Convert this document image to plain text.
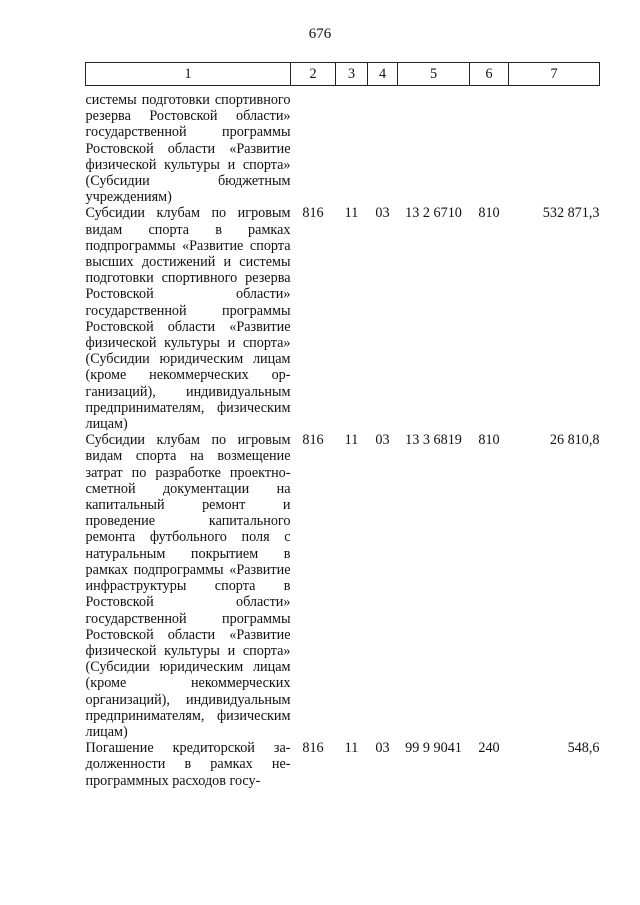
676
1	2	3	4	5	6	7
системы подготовки спортивного резерва Ростовской области» государственной программы Ростовской области «Развитие физической культуры и спорта» (Субсидии бюджетным учреждениям)						
Субсидии клубам по игровым видам спорта в рамках подпрограммы «Развитие спорта высших достижений и системы подготовки спортивного резерва Ростовской области» государственной программы Ростовской области «Развитие физической культуры и спорта» (Субсидии юридическим лицам (кроме некоммерческих организаций), индивидуальным предпринимателям, физическим лицам)	816	11	03	13 2 6710	810	532 871,3
Субсидии клубам по игровым видам спорта на возмещение затрат по разработке проектно-сметной документации на капитальный ремонт и проведение капитального ремонта футбольного поля с натуральным покрытием в рамках подпрограммы «Развитие инфраструктуры спорта в Ростовской области» государственной программы Ростовской области «Развитие физической культуры и спорта» (Субсидии юридическим лицам (кроме некоммерческих организаций), индивидуальным предпринимателям, физическим лицам)	816	11	03	13 3 6819	810	26 810,8
Погашение кредиторской задолженности в рамках непрограммных расходов госу-	816	11	03	99 9 9041	240	548,6
